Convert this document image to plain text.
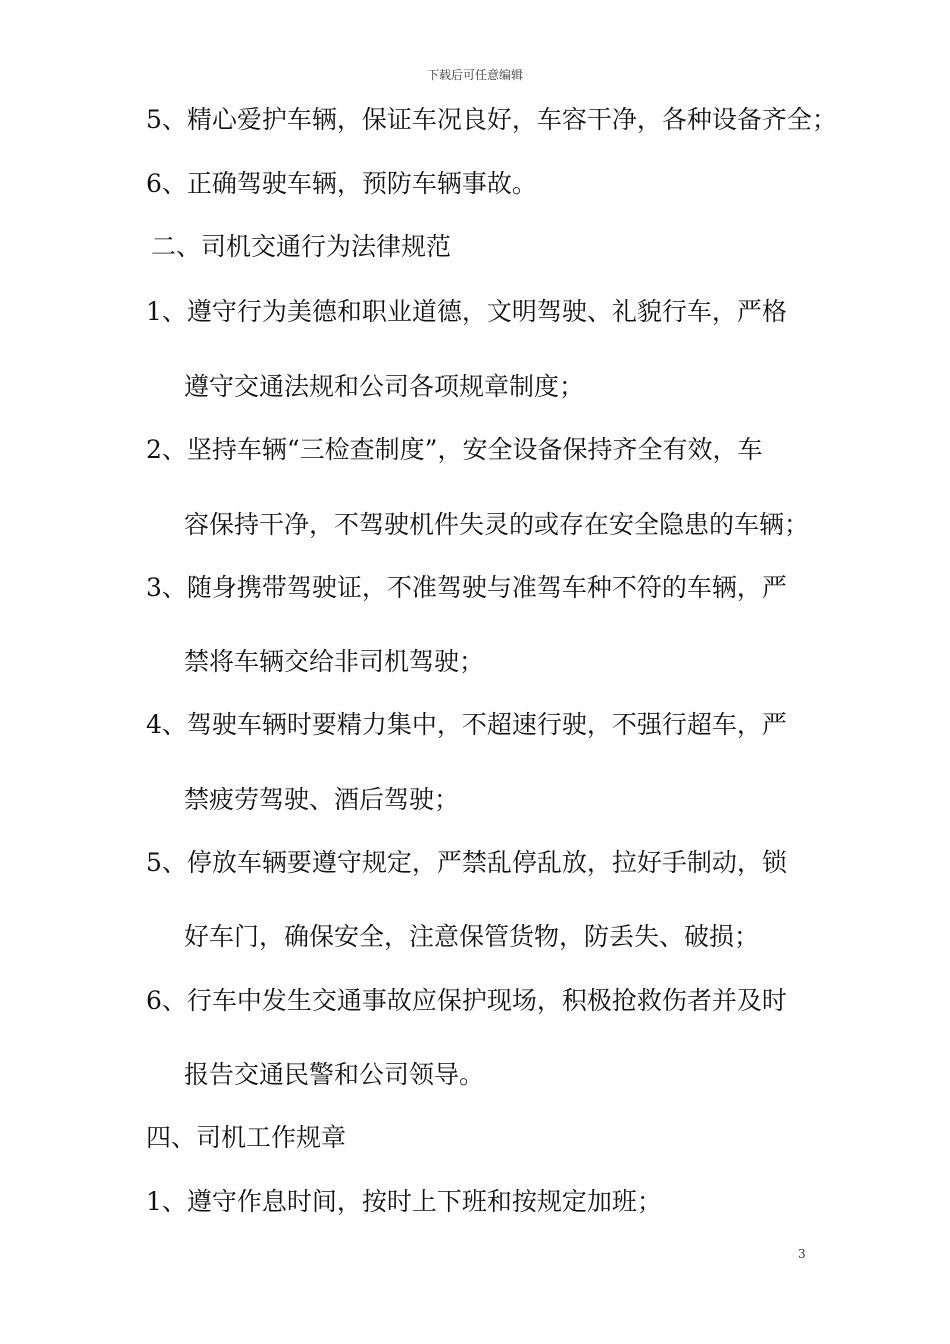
下载后可任意编辑
5、精心爱护车辆，保证车况良好，车容干净，各种设备齐全；
6、正确驾驶车辆，预防车辆事故。
二、司机交通行为法律规范
1、遵守行为美德和职业道德，文明驾驶、礼貌行车，严格
遵守交通法规和公司各项规章制度；
2、坚持车辆“三检查制度”，安全设备保持齐全有效，车
容保持干净，不驾驶机件失灵的或存在安全隐患的车辆；
3、随身携带驾驶证，不准驾驶与准驾车种不符的车辆，严
禁将车辆交给非司机驾驶；
4、驾驶车辆时要精力集中，不超速行驶，不强行超车，严
禁疲劳驾驶、酒后驾驶；
5、停放车辆要遵守规定，严禁乱停乱放，拉好手制动，锁
好车门，确保安全，注意保管货物，防丢失、破损；
6、行车中发生交通事故应保护现场，积极抢救伤者并及时
报告交通民警和公司领导。
四、司机工作规章
1、遵守作息时间，按时上下班和按规定加班；
3
